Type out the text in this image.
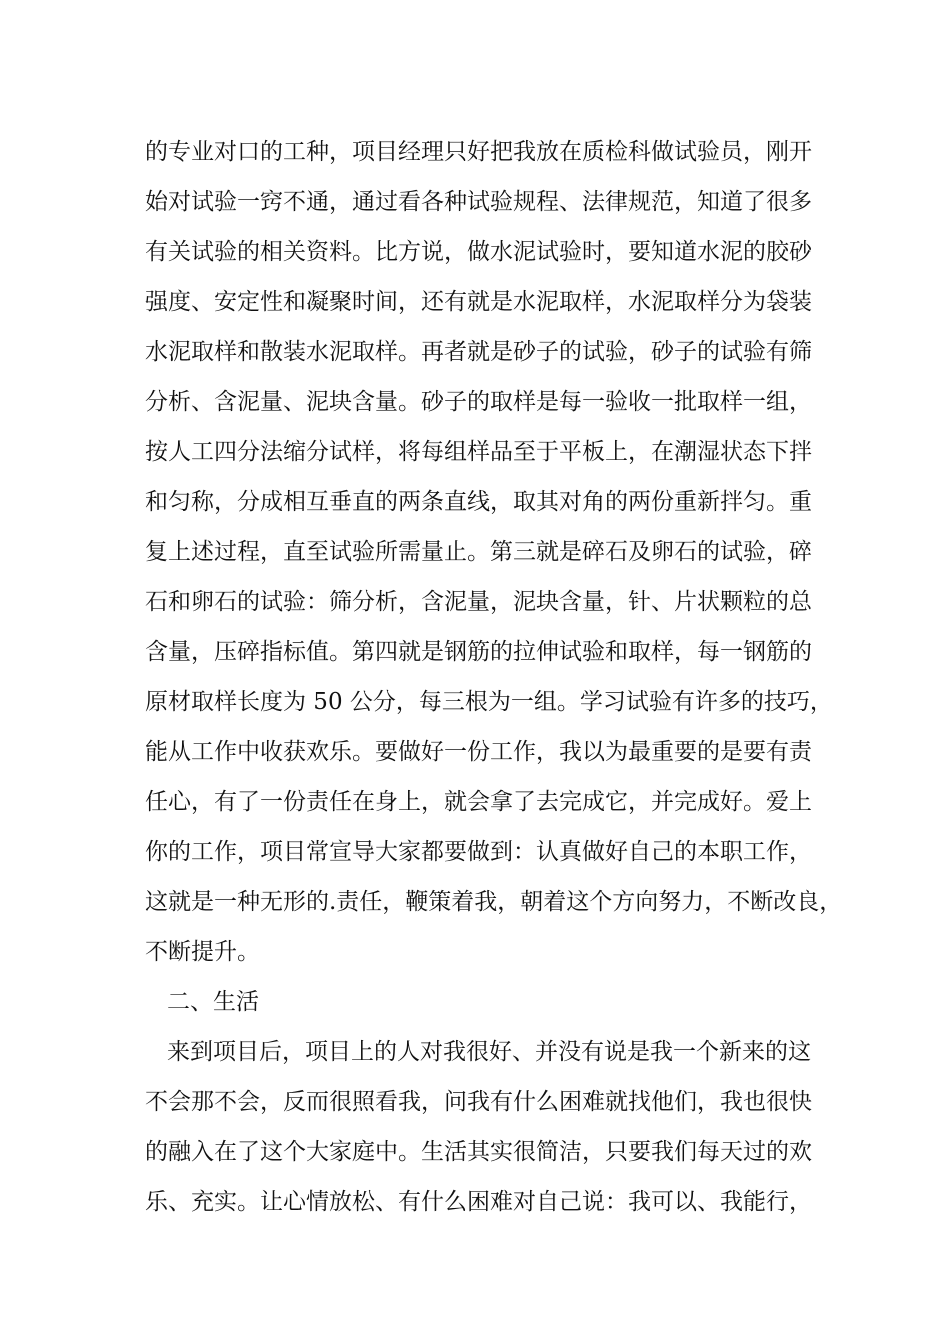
的专业对口的工种，项目经理只好把我放在质检科做试验员，刚开

始对试验一窍不通，通过看各种试验规程、法律规范，知道了很多

有关试验的相关资料。比方说，做水泥试验时，要知道水泥的胶砂

强度、安定性和凝聚时间，还有就是水泥取样，水泥取样分为袋装

水泥取样和散装水泥取样。再者就是砂子的试验，砂子的试验有筛

分析、含泥量、泥块含量。砂子的取样是每一验收一批取样一组，

按人工四分法缩分试样，将每组样品至于平板上，在潮湿状态下拌

和匀称，分成相互垂直的两条直线，取其对角的两份重新拌匀。重

复上述过程，直至试验所需量止。第三就是碎石及卵石的试验，碎

石和卵石的试验：筛分析，含泥量，泥块含量，针、片状颗粒的总

含量，压碎指标值。第四就是钢筋的拉伸试验和取样，每一钢筋的

原材取样长度为 50 公分，每三根为一组。学习试验有许多的技巧，

能从工作中收获欢乐。要做好一份工作，我以为最重要的是要有责

任心，有了一份责任在身上，就会拿了去完成它，并完成好。爱上

你的工作，项目常宣导大家都要做到：认真做好自己的本职工作，

这就是一种无形的.责任，鞭策着我，朝着这个方向努力，不断改良，

不断提升。

二、生活

来到项目后，项目上的人对我很好、并没有说是我一个新来的这

不会那不会，反而很照看我，问我有什么困难就找他们，我也很快

的融入在了这个大家庭中。生活其实很简洁，只要我们每天过的欢

乐、充实。让心情放松、有什么困难对自己说：我可以、我能行，
